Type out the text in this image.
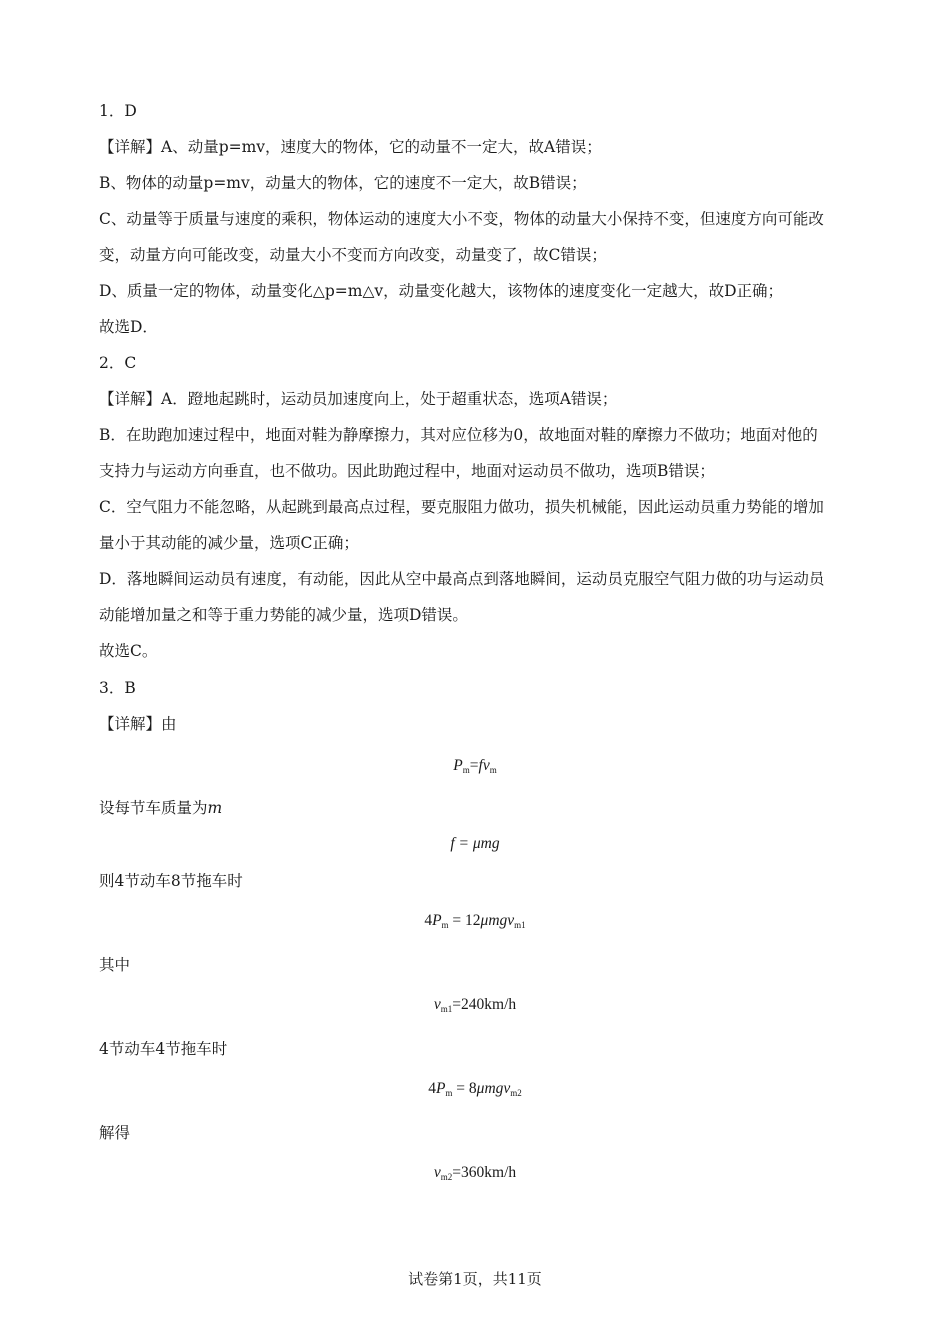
1．D
【详解】A、动量p=mv，速度大的物体，它的动量不一定大，故A错误；
B、物体的动量p=mv，动量大的物体，它的速度不一定大，故B错误；
C、动量等于质量与速度的乘积，物体运动的速度大小不变，物体的动量大小保持不变，但速度方向可能改
变，动量方向可能改变，动量大小不变而方向改变，动量变了，故C错误；
D、质量一定的物体，动量变化△p=m△v，动量变化越大，该物体的速度变化一定越大，故D正确；
故选D．
2．C
【详解】A．蹬地起跳时，运动员加速度向上，处于超重状态，选项A错误；
B．在助跑加速过程中，地面对鞋为静摩擦力，其对应位移为0，故地面对鞋的摩擦力不做功；地面对他的
支持力与运动方向垂直，也不做功。因此助跑过程中，地面对运动员不做功，选项B错误；
C．空气阻力不能忽略，从起跳到最高点过程，要克服阻力做功，损失机械能，因此运动员重力势能的增加
量小于其动能的减少量，选项C正确；
D．落地瞬间运动员有速度，有动能，因此从空中最高点到落地瞬间，运动员克服空气阻力做的功与运动员
动能增加量之和等于重力势能的减少量，选项D错误。
故选C。
3．B
【详解】由
$P_m=fv_m$
设每节车质量为m
f = μmg
则4节动车8节拖车时
$4P_m = 12\mu mgv_{m1}$
其中
$v_{m1}=240km/h$
4节动车4节拖车时
$4P_m = 8\mu mgv_{m2}$
解得
$v_{m2}=360km/h$
试卷第1页，共11页
